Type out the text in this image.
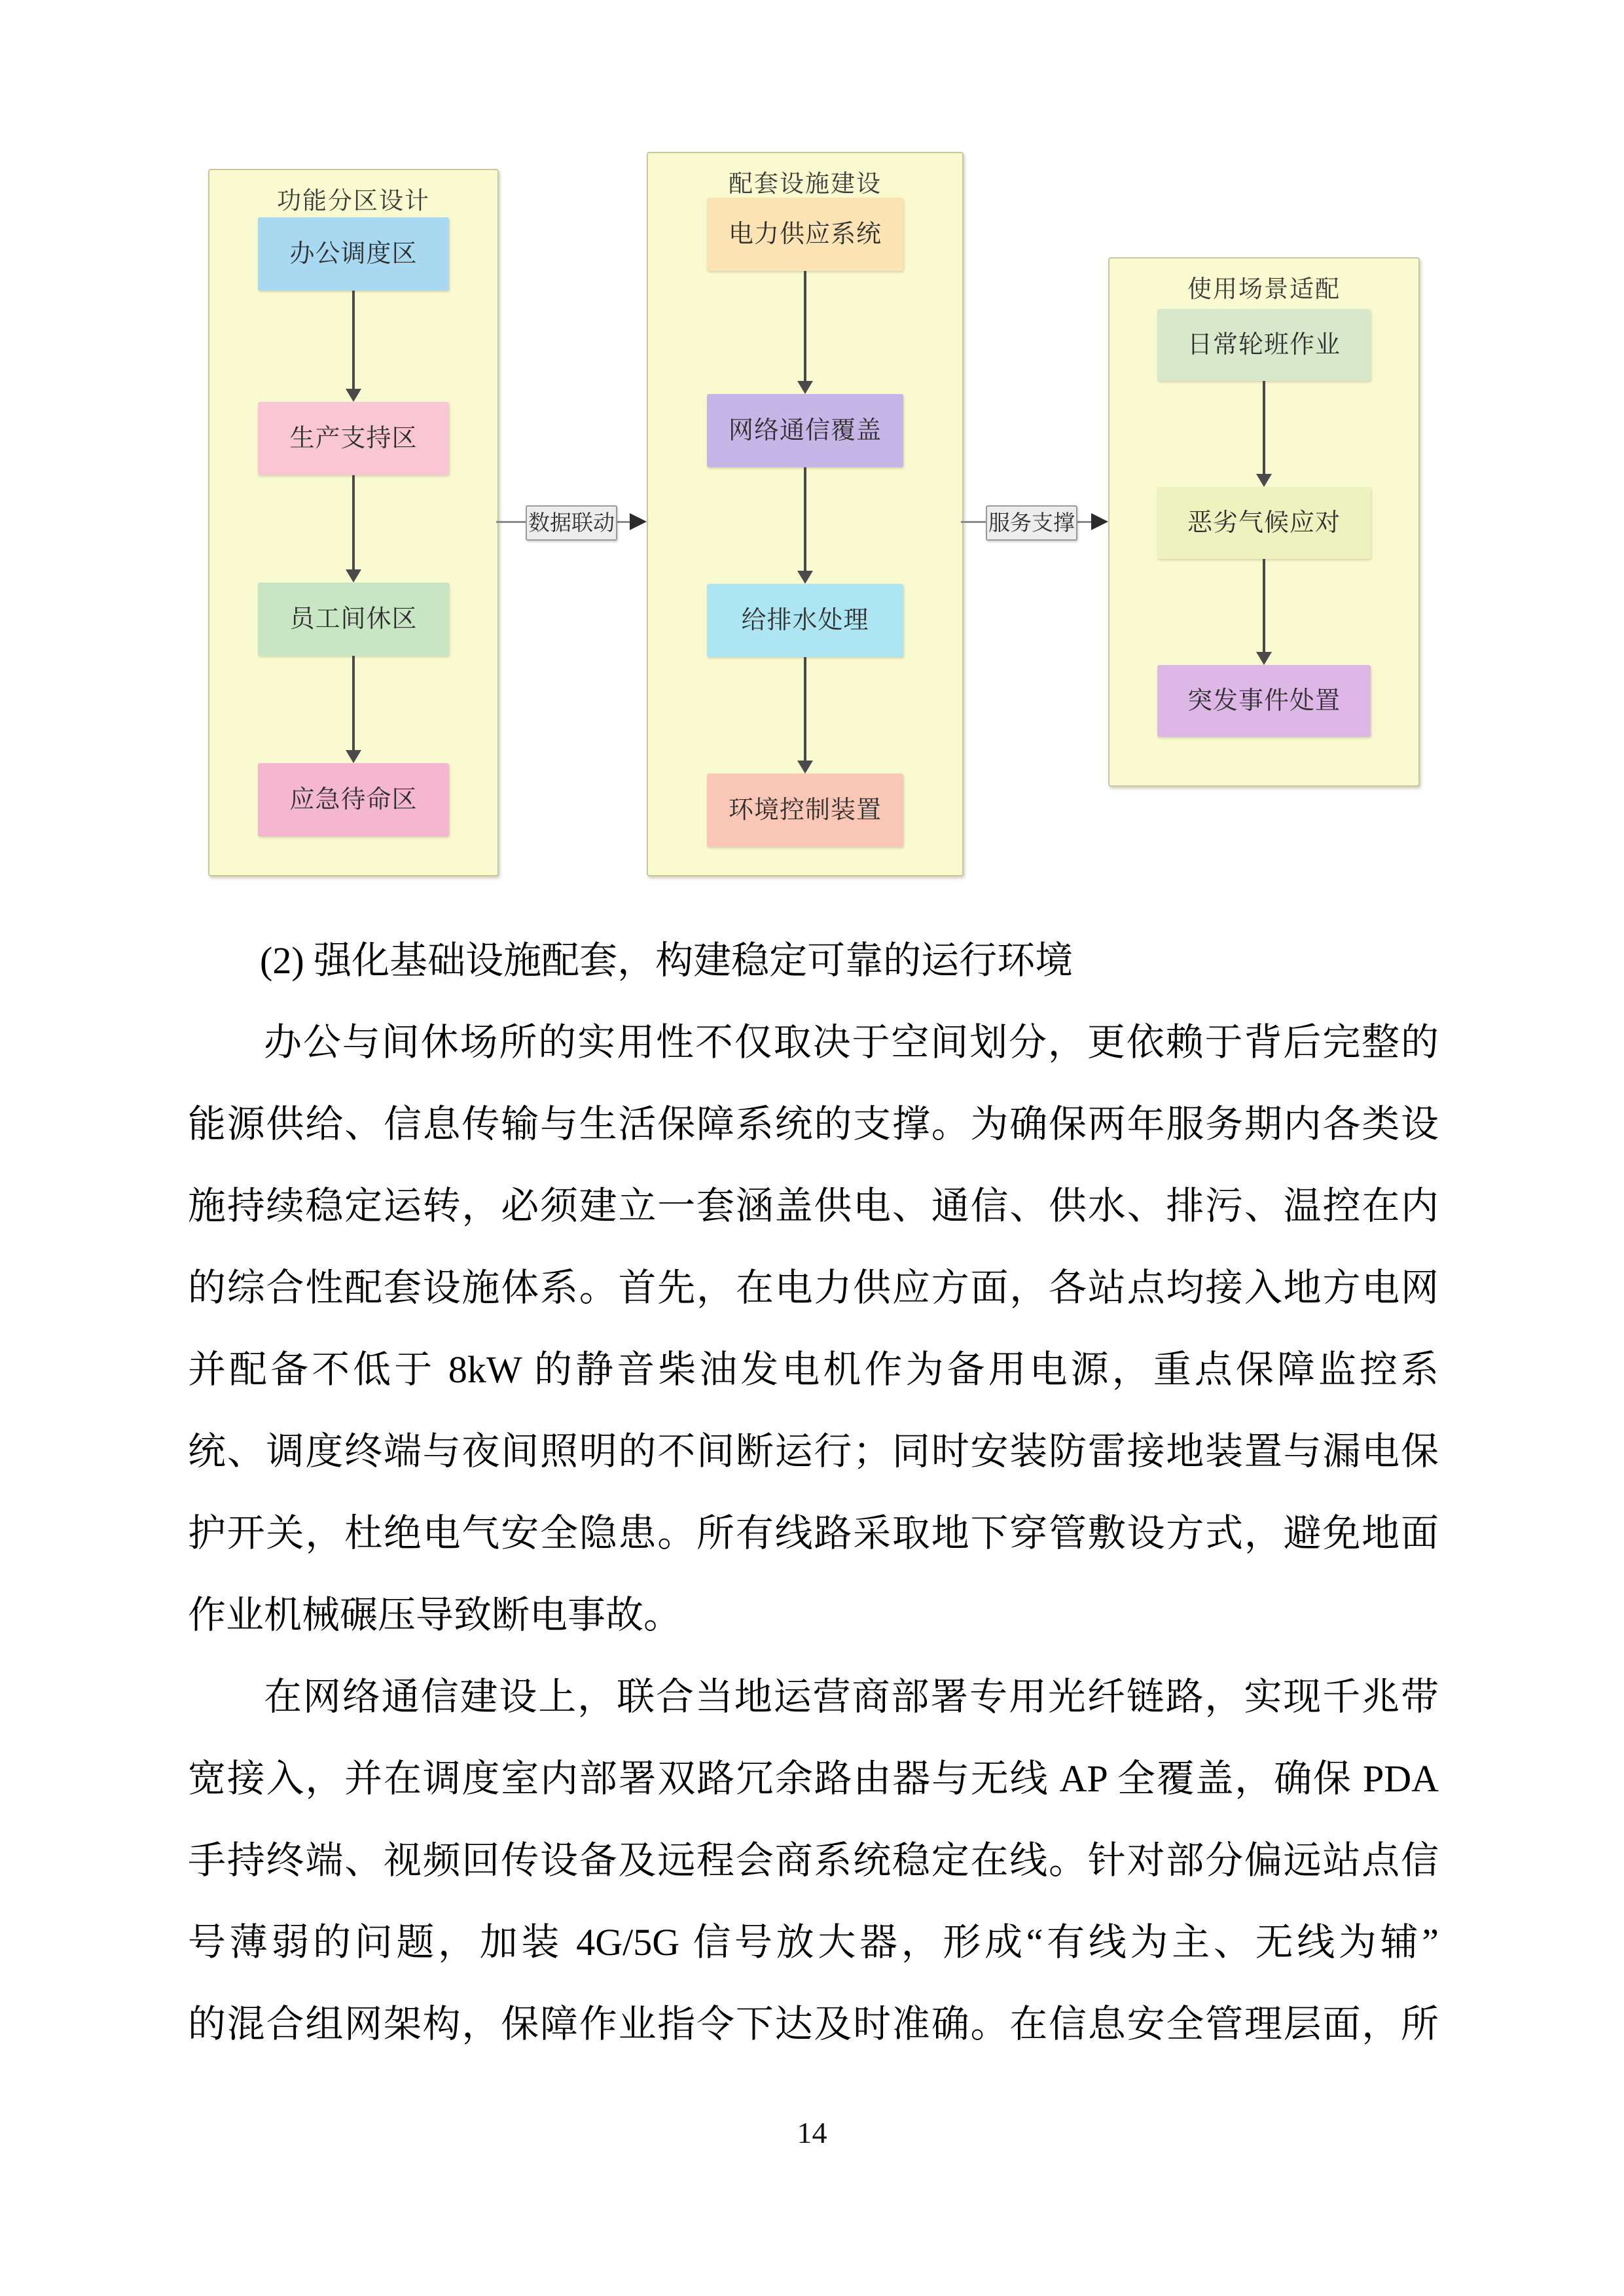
功能分区设计
办公调度区
生产支持区
员工间休区
应急待命区
配套设施建设
电力供应系统
网络通信覆盖
给排水处理
环境控制装置
使用场景适配
日常轮班作业
恶劣气候应对
突发事件处置
数据联动	服务支撑
(2) 强化基础设施配套，构建稳定可靠的运行环境
办公与间休场所的实用性不仅取决于空间划分，更依赖于背后完整的
能源供给、信息传输与生活保障系统的支撑。为确保两年服务期内各类设
施持续稳定运转，必须建立一套涵盖供电、通信、供水、排污、温控在内
的综合性配套设施体系。首先，在电力供应方面，各站点均接入地方电网
并配备不低于 8kW 的静音柴油发电机作为备用电源，重点保障监控系
统、调度终端与夜间照明的不间断运行；同时安装防雷接地装置与漏电保
护开关，杜绝电气安全隐患。所有线路采取地下穿管敷设方式，避免地面
作业机械碾压导致断电事故。
在网络通信建设上，联合当地运营商部署专用光纤链路，实现千兆带
宽接入，并在调度室内部署双路冗余路由器与无线 AP 全覆盖，确保 PDA
手持终端、视频回传设备及远程会商系统稳定在线。针对部分偏远站点信
号薄弱的问题，加装 4G/5G 信号放大器，形成“有线为主、无线为辅”
的混合组网架构，保障作业指令下达及时准确。在信息安全管理层面，所
14
